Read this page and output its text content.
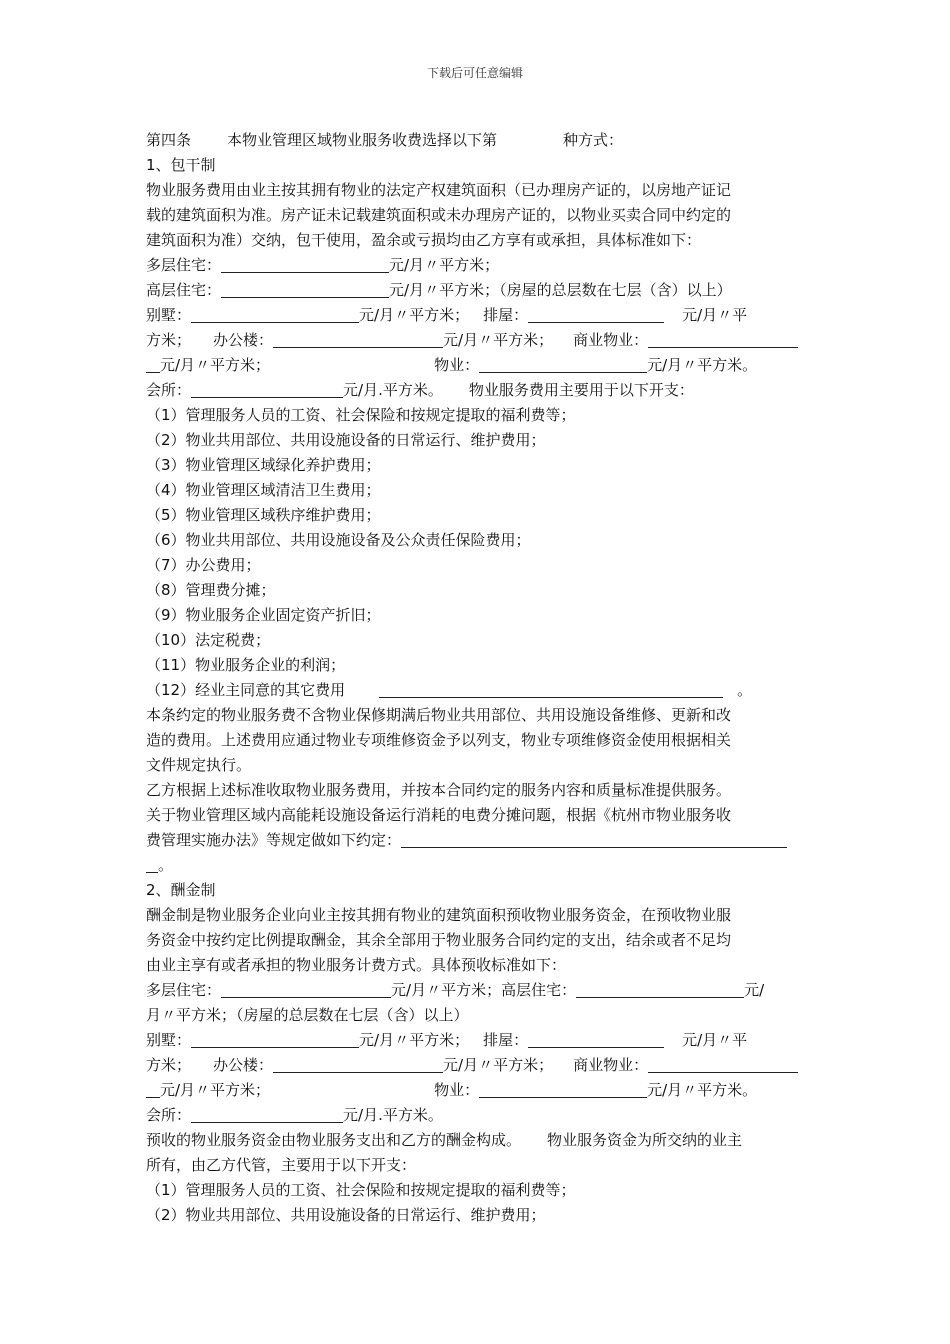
下载后可任意编辑
第四条 本物业管理区域物业服务收费选择以下第	种方式：
1、包干制
物业服务费用由业主按其拥有物业的法定产权建筑面积（已办理房产证的，以房地产证记
载的建筑面积为准。房产证未记载建筑面积或未办理房产证的，以物业买卖合同中约定的
建筑面积为准）交纳，包干使用，盈余或亏损均由乙方享有或承担，具体标准如下：
多层住宅：	元/月〃平方米；
高层住宅：	元/月〃平方米；（房屋的总层数在七层（含）以上）
别墅：	元/月〃平方米； 排屋：	元/月〃平
方米； 办公楼：	元/月〃平方米； 商业物业：
元/月〃平方米；	物业：	元/月〃平方米。
会所：	元/月.平方米。 物业服务费用主要用于以下开支：
（1）管理服务人员的工资、社会保险和按规定提取的福利费等；
（2）物业共用部位、共用设施设备的日常运行、维护费用；
（3）物业管理区域绿化养护费用；
（4）物业管理区域清洁卫生费用；
（5）物业管理区域秩序维护费用；
（6）物业共用部位、共用设施设备及公众责任保险费用；
（7）办公费用；
（8）管理费分摊；
（9）物业服务企业固定资产折旧；
（10）法定税费；
（11）物业服务企业的利润；
（12）经业主同意的其它费用	。
本条约定的物业服务费不含物业保修期满后物业共用部位、共用设施设备维修、更新和改
造的费用。上述费用应通过物业专项维修资金予以列支，物业专项维修资金使用根据相关
文件规定执行。
乙方根据上述标准收取物业服务费用，并按本合同约定的服务内容和质量标准提供服务。
关于物业管理区域内高能耗设施设备运行消耗的电费分摊问题，根据《杭州市物业服务收
费管理实施办法》等规定做如下约定：
。
2、酬金制
酬金制是物业服务企业向业主按其拥有物业的建筑面积预收物业服务资金，在预收物业服
务资金中按约定比例提取酬金，其余全部用于物业服务合同约定的支出，结余或者不足均
由业主享有或者承担的物业服务计费方式。具体预收标准如下：
多层住宅：	元/月〃平方米；高层住宅：	元/
月〃平方米；（房屋的总层数在七层（含）以上）
别墅：	元/月〃平方米； 排屋：	元/月〃平
方米； 办公楼：	元/月〃平方米； 商业物业：
元/月〃平方米；	物业：	元/月〃平方米。
会所：	元/月.平方米。
预收的物业服务资金由物业服务支出和乙方的酬金构成。 物业服务资金为所交纳的业主
所有，由乙方代管，主要用于以下开支：
（1）管理服务人员的工资、社会保险和按规定提取的福利费等；
（2）物业共用部位、共用设施设备的日常运行、维护费用；
